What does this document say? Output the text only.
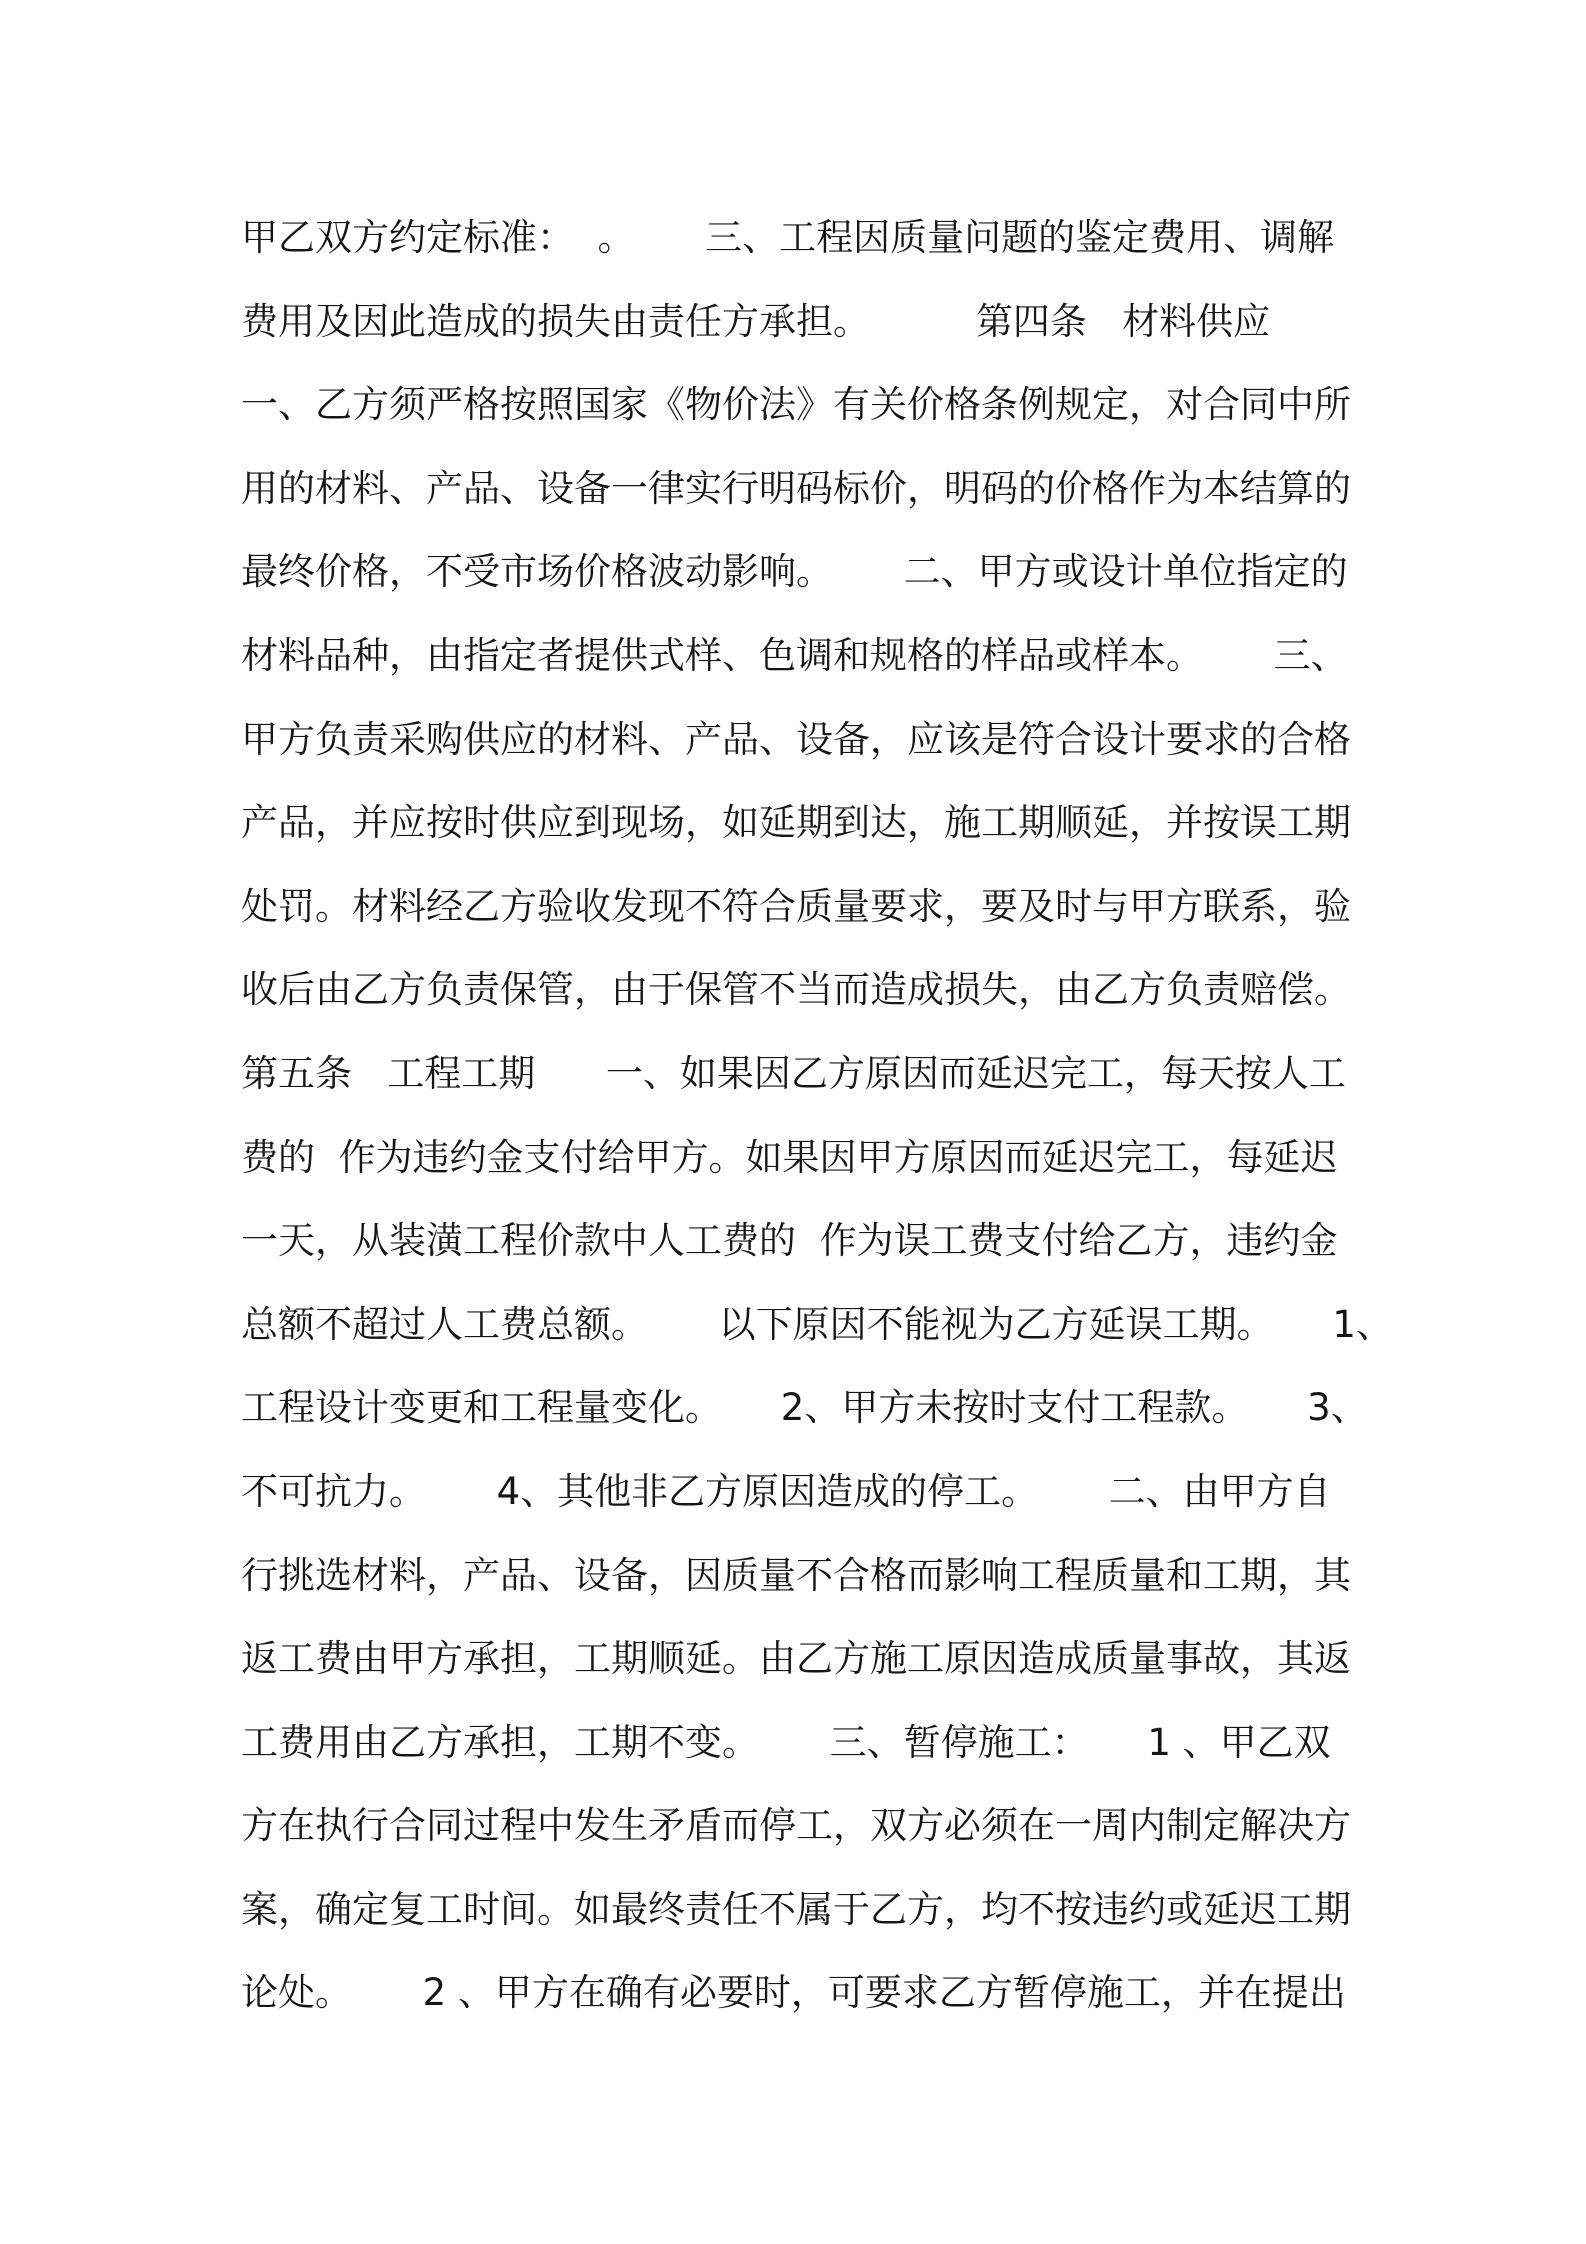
甲乙双方约定标准：  。      三、工程因质量问题的鉴定费用、调解
费用及因此造成的损失由责任方承担。         第四条   材料供应
一、乙方须严格按照国家《物价法》有关价格条例规定，对合同中所
用的材料、产品、设备一律实行明码标价，明码的价格作为本结算的
最终价格，不受市场价格波动影响。      二、甲方或设计单位指定的
材料品种，由指定者提供式样、色调和规格的样品或样本。      三、
甲方负责采购供应的材料、产品、设备，应该是符合设计要求的合格
产品，并应按时供应到现场，如延期到达，施工期顺延，并按误工期
处罚。材料经乙方验收发现不符合质量要求，要及时与甲方联系，验
收后由乙方负责保管，由于保管不当而造成损失，由乙方负责赔偿。
第五条   工程工期      一、如果因乙方原因而延迟完工，每天按人工
费的  作为违约金支付给甲方。如果因甲方原因而延迟完工，每延迟
一天，从装潢工程价款中人工费的  作为误工费支付给乙方，违约金
总额不超过人工费总额。      以下原因不能视为乙方延误工期。     1、
工程设计变更和工程量变化。     2、甲方未按时支付工程款。     3、
不可抗力。      4、其他非乙方原因造成的停工。      二、由甲方自
行挑选材料，产品、设备，因质量不合格而影响工程质量和工期，其
返工费由甲方承担，工期顺延。由乙方施工原因造成质量事故，其返
工费用由乙方承担，工期不变。      三、暂停施工：     1 、甲乙双
方在执行合同过程中发生矛盾而停工，双方必须在一周内制定解决方
案，确定复工时间。如最终责任不属于乙方，均不按违约或延迟工期
论处。      2 、甲方在确有必要时，可要求乙方暂停施工，并在提出
